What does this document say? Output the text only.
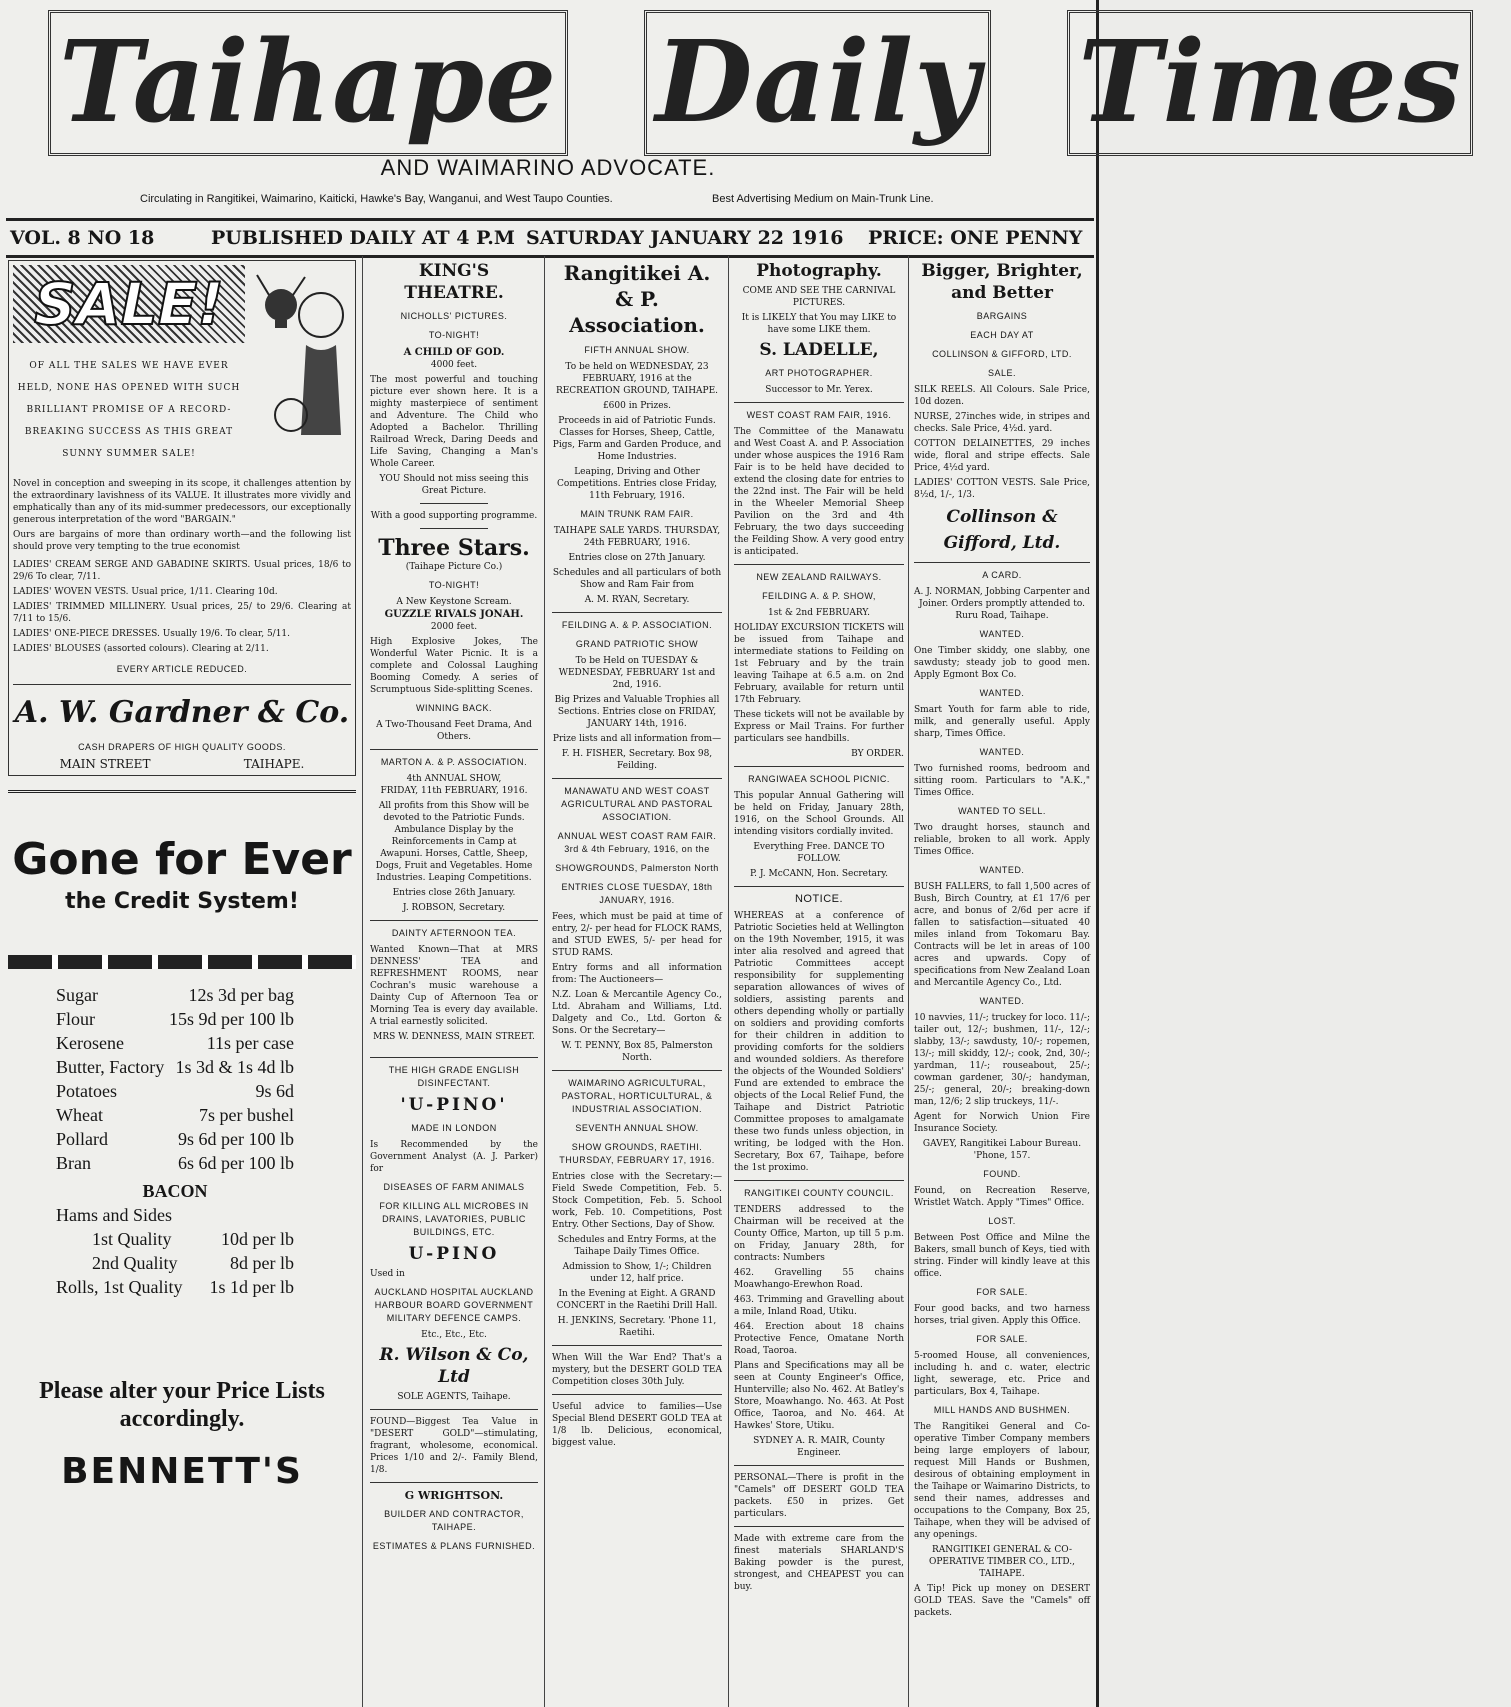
Taihape Daily Times
AND WAIMARINO ADVOCATE.
Circulating in Rangitikei, Waimarino, Kaiticki, Hawke's Bay, Wanganui, and West Taupo Counties.	Best Advertising Medium on Main-Trunk Line.
VOL. 8 NO 18	PUBLISHED DAILY AT 4 P.M SATURDAY JANUARY 22 1916 PRICE: ONE PENNY
SALE!

OF ALL THE SALES WE HAVE EVER HELD, NONE HAS OPENED WITH SUCH BRILLIANT PROMISE OF A RECORD-BREAKING SUCCESS AS THIS GREAT SUNNY SUMMER SALE!

Novel in conception and sweeping in its scope, it challenges attention by the extraordinary lavishness of its VALUE. It illustrates more vividly and emphatically than any of its mid-summer predecessors, our exceptionally generous interpretation of the word "BARGAIN."

Ours are bargains of more than ordinary worth—and the following list should prove very tempting to the true economist

LADIES' CREAM SERGE AND GABADINE SKIRTS. Usual prices, 18/6 to 29/6 To clear, 7/11.

LADIES' WOVEN VESTS. Usual price, 1/11. Clearing 10d.

LADIES' TRIMMED MILLINERY. Usual prices, 25/ to 29/6. Clearing at 7/11 to 15/6.

LADIES' ONE-PIECE DRESSES. Usually 19/6. To clear, 5/11.

LADIES' BLOUSES (assorted colours). Clearing at 2/11.

EVERY ARTICLE REDUCED.
A. W. Gardner & Co.
CASH DRAPERS OF HIGH QUALITY GOODS.
MAIN STREET	TAIHAPE.
Gone for Ever
the Credit System!
Sugar	12s 3d per bag
Flour	15s 9d per 100 lb
Kerosene	11s per case
Butter, Factory 1s 3d & 1s 4d lb
Potatoes	9s 6d
Wheat	7s per bushel
Pollard	9s 6d per 100 lb
Bran	6s 6d per 100 lb
BACON
Hams and Sides
1st Quality	10d per lb
2nd Quality	8d per lb
Rolls, 1st Quality 1s 1d per lb
Please alter your Price Lists accordingly.
BENNETT'S
KING'S THEATRE.
NICHOLLS' PICTURES.
TO-NIGHT!
A CHILD OF GOD.
4000 feet.

The most powerful and touching picture ever shown here. It is a mighty masterpiece of sentiment and Adventure. The Child who Adopted a Bachelor. Thrilling Railroad Wreck, Daring Deeds and Life Saving, Changing a Man's Whole Career.

YOU Should not miss seeing this Great Picture.

With a good supporting programme.

Three Stars.
(Taihape Picture Co.)
TO-NIGHT!
A New Keystone Scream.
GUZZLE RIVALS JONAH.
2000 feet.

High Explosive Jokes, The Wonderful Water Picnic. It is a complete and Colossal Laughing Booming Comedy. A series of Scrumptuous Side-splitting Scenes.

WINNING BACK.

A Two-Thousand Feet Drama, And Others.

MARTON A. & P. ASSOCIATION.
4th ANNUAL SHOW,
FRIDAY, 11th FEBRUARY, 1916.

All profits from this Show will be devoted to the Patriotic Funds. Ambulance Display by the Reinforcements in Camp at Awapuni. Horses, Cattle, Sheep, Dogs, Fruit and Vegetables. Home Industries. Leaping Competitions.

Entries close 26th January.

J. ROBSON, Secretary.

DAINTY AFTERNOON TEA.

Wanted Known—That at MRS DENNESS' TEA and REFRESHMENT ROOMS, near Cochran's music warehouse a Dainty Cup of Afternoon Tea or Morning Tea is every day available. A trial earnestly solicited.

MRS W. DENNESS, MAIN STREET.

THE HIGH GRADE ENGLISH DISINFECTANT.
'U-PINO'
MADE IN LONDON

Is Recommended by the Government Analyst (A. J. Parker) for

DISEASES OF FARM ANIMALS
FOR KILLING ALL MICROBES IN DRAINS, LAVATORIES, PUBLIC BUILDINGS, ETC.
U-PINO

Used in

AUCKLAND HOSPITAL AUCKLAND HARBOUR BOARD GOVERNMENT MILITARY DEFENCE CAMPS.

Etc., Etc., Etc.

R. Wilson & Co, Ltd

SOLE AGENTS, Taihape.

FOUND—Biggest Tea Value in "DESERT GOLD"—stimulating, fragrant, wholesome, economical. Prices 1/10 and 2/-. Family Blend, 1/8.

G WRIGHTSON.
BUILDER AND CONTRACTOR, TAIHAPE.
ESTIMATES & PLANS FURNISHED.
Rangitikei A. & P. Association.
FIFTH ANNUAL SHOW.

To be held on WEDNESDAY, 23 FEBRUARY, 1916 at the RECREATION GROUND, TAIHAPE.

£600 in Prizes.

Proceeds in aid of Patriotic Funds. Classes for Horses, Sheep, Cattle, Pigs, Farm and Garden Produce, and Home Industries.

Leaping, Driving and Other Competitions. Entries close Friday, 11th February, 1916.

MAIN TRUNK RAM FAIR.

TAIHAPE SALE YARDS. THURSDAY, 24th FEBRUARY, 1916.

Entries close on 27th January.

Schedules and all particulars of both Show and Ram Fair from

A. M. RYAN, Secretary.

FEILDING A. & P. ASSOCIATION.
GRAND PATRIOTIC SHOW

To be Held on TUESDAY & WEDNESDAY, FEBRUARY 1st and 2nd, 1916.

Big Prizes and Valuable Trophies all Sections. Entries close on FRIDAY, JANUARY 14th, 1916.

Prize lists and all information from—

F. H. FISHER, Secretary. Box 98, Feilding.

MANAWATU AND WEST COAST AGRICULTURAL AND PASTORAL ASSOCIATION.
ANNUAL WEST COAST RAM FAIR. 3rd & 4th February, 1916, on the
SHOWGROUNDS, Palmerston North
ENTRIES CLOSE TUESDAY, 18th JANUARY, 1916.

Fees, which must be paid at time of entry, 2/- per head for FLOCK RAMS, and STUD EWES, 5/- per head for STUD RAMS.

Entry forms and all information from: The Auctioneers—

N.Z. Loan & Mercantile Agency Co., Ltd. Abraham and Williams, Ltd. Dalgety and Co., Ltd. Gorton & Sons. Or the Secretary—

W. T. PENNY, Box 85, Palmerston North.

WAIMARINO AGRICULTURAL, PASTORAL, HORTICULTURAL, & INDUSTRIAL ASSOCIATION.
SEVENTH ANNUAL SHOW.
SHOW GROUNDS, RAETIHI. THURSDAY, FEBRUARY 17, 1916.

Entries close with the Secretary:— Field Swede Competition, Feb. 5. Stock Competition, Feb. 5. School work, Feb. 10. Competitions, Post Entry. Other Sections, Day of Show.

Schedules and Entry Forms, at the Taihape Daily Times Office.

Admission to Show, 1/-; Children under 12, half price.

In the Evening at Eight. A GRAND CONCERT in the Raetihi Drill Hall.

H. JENKINS, Secretary. 'Phone 11, Raetihi.

When Will the War End? That's a mystery, but the DESERT GOLD TEA Competition closes 30th July.

Useful advice to families—Use Special Blend DESERT GOLD TEA at 1/8 lb. Delicious, economical, biggest value.

Photography.

COME AND SEE THE CARNIVAL PICTURES.

It is LIKELY that You may LIKE to have some LIKE them.

S. LADELLE,
ART PHOTOGRAPHER.

Successor to Mr. Yerex.

WEST COAST RAM FAIR, 1916.

The Committee of the Manawatu and West Coast A. and P. Association under whose auspices the 1916 Ram Fair is to be held have decided to extend the closing date for entries to the 22nd inst. The Fair will be held in the Wheeler Memorial Sheep Pavilion on the 3rd and 4th February, the two days succeeding the Feilding Show. A very good entry is anticipated.

NEW ZEALAND RAILWAYS.
FEILDING A. & P. SHOW,

1st & 2nd FEBRUARY.

HOLIDAY EXCURSION TICKETS will be issued from Taihape and intermediate stations to Feilding on 1st February and by the train leaving Taihape at 6.5 a.m. on 2nd February, available for return until 17th February.

These tickets will not be available by Express or Mail Trains. For further particulars see handbills.

BY ORDER.

RANGIWAEA SCHOOL PICNIC.

This popular Annual Gathering will be held on Friday, January 28th, 1916, on the School Grounds. All intending visitors cordially invited.

Everything Free. DANCE TO FOLLOW.

P. J. McCANN, Hon. Secretary.

NOTICE.

WHEREAS at a conference of Patriotic Societies held at Wellington on the 19th November, 1915, it was inter alia resolved and agreed that Patriotic Committees accept responsibility for supplementing separation allowances of wives of soldiers, assisting parents and others depending wholly or partially on soldiers and providing comforts for their children in addition to providing comforts for the soldiers and wounded soldiers. As therefore the objects of the Wounded Soldiers' Fund are extended to embrace the objects of the Local Relief Fund, the Taihape and District Patriotic Committee proposes to amalgamate these two funds unless objection, in writing, be lodged with the Hon. Secretary, Box 67, Taihape, before the 1st proximo.

RANGITIKEI COUNTY COUNCIL.

TENDERS addressed to the Chairman will be received at the County Office, Marton, up till 5 p.m. on Friday, January 28th, for contracts: Numbers

462. Gravelling 55 chains Moawhango-Erewhon Road.

463. Trimming and Gravelling about a mile, Inland Road, Utiku.

464. Erection about 18 chains Protective Fence, Omatane North Road, Taoroa.

Plans and Specifications may all be seen at County Engineer's Office, Hunterville; also No. 462. At Batley's Store, Moawhango. No. 463. At Post Office, Taoroa, and No. 464. At Hawkes' Store, Utiku.

SYDNEY A. R. MAIR, County Engineer.

PERSONAL—There is profit in the "Camels" off DESERT GOLD TEA packets. £50 in prizes. Get particulars.

Made with extreme care from the finest materials SHARLAND'S Baking powder is the purest, strongest, and CHEAPEST you can buy.

Bigger, Brighter, and Better
BARGAINS
EACH DAY AT
COLLINSON & GIFFORD, LTD.
SALE.

SILK REELS. All Colours. Sale Price, 10d dozen.

NURSE, 27inches wide, in stripes and checks. Sale Price, 4½d. yard.

COTTON DELAINETTES, 29 inches wide, floral and stripe effects. Sale Price, 4½d yard.

LADIES' COTTON VESTS. Sale Price, 8½d, 1/-, 1/3.

Collinson & Gifford, Ltd.
A CARD.

A. J. NORMAN, Jobbing Carpenter and Joiner. Orders promptly attended to. Ruru Road, Taihape.

WANTED.

One Timber skiddy, one slabby, one sawdusty; steady job to good men. Apply Egmont Box Co.

WANTED.

Smart Youth for farm able to ride, milk, and generally useful. Apply sharp, Times Office.

WANTED.

Two furnished rooms, bedroom and sitting room. Particulars to "A.K.," Times Office.

WANTED TO SELL.

Two draught horses, staunch and reliable, broken to all work. Apply Times Office.

WANTED.

BUSH FALLERS, to fall 1,500 acres of Bush, Birch Country, at £1 17/6 per acre, and bonus of 2/6d per acre if fallen to satisfaction—situated 40 miles inland from Tokomaru Bay. Contracts will be let in areas of 100 acres and upwards. Copy of specifications from New Zealand Loan and Mercantile Agency Co., Ltd.

WANTED.

10 navvies, 11/-; truckey for loco. 11/-; tailer out, 12/-; bushmen, 11/-, 12/-; slabby, 13/-; sawdusty, 10/-; ropemen, 13/-; mill skiddy, 12/-; cook, 2nd, 30/-; yardman, 11/-; rouseabout, 25/-; cowman gardener, 30/-; handyman, 25/-; general, 20/-; breaking-down man, 12/6; 2 slip truckeys, 11/-.

Agent for Norwich Union Fire Insurance Society.

GAVEY, Rangitikei Labour Bureau. 'Phone, 157.

FOUND.

Found, on Recreation Reserve, Wristlet Watch. Apply "Times" Office.

LOST.

Between Post Office and Milne the Bakers, small bunch of Keys, tied with string. Finder will kindly leave at this office.

FOR SALE.

Four good backs, and two harness horses, trial given. Apply this Office.

FOR SALE.

5-roomed House, all conveniences, including h. and c. water, electric light, sewerage, etc. Price and particulars, Box 4, Taihape.

MILL HANDS AND BUSHMEN.

The Rangitikei General and Co-operative Timber Company members being large employers of labour, request Mill Hands or Bushmen, desirous of obtaining employment in the Taihape or Waimarino Districts, to send their names, addresses and occupations to the Company, Box 25, Taihape, when they will be advised of any openings.

RANGITIKEI GENERAL & CO-OPERATIVE TIMBER CO., LTD., TAIHAPE.

A Tip! Pick up money on DESERT GOLD TEAS. Save the "Camels" off packets.
